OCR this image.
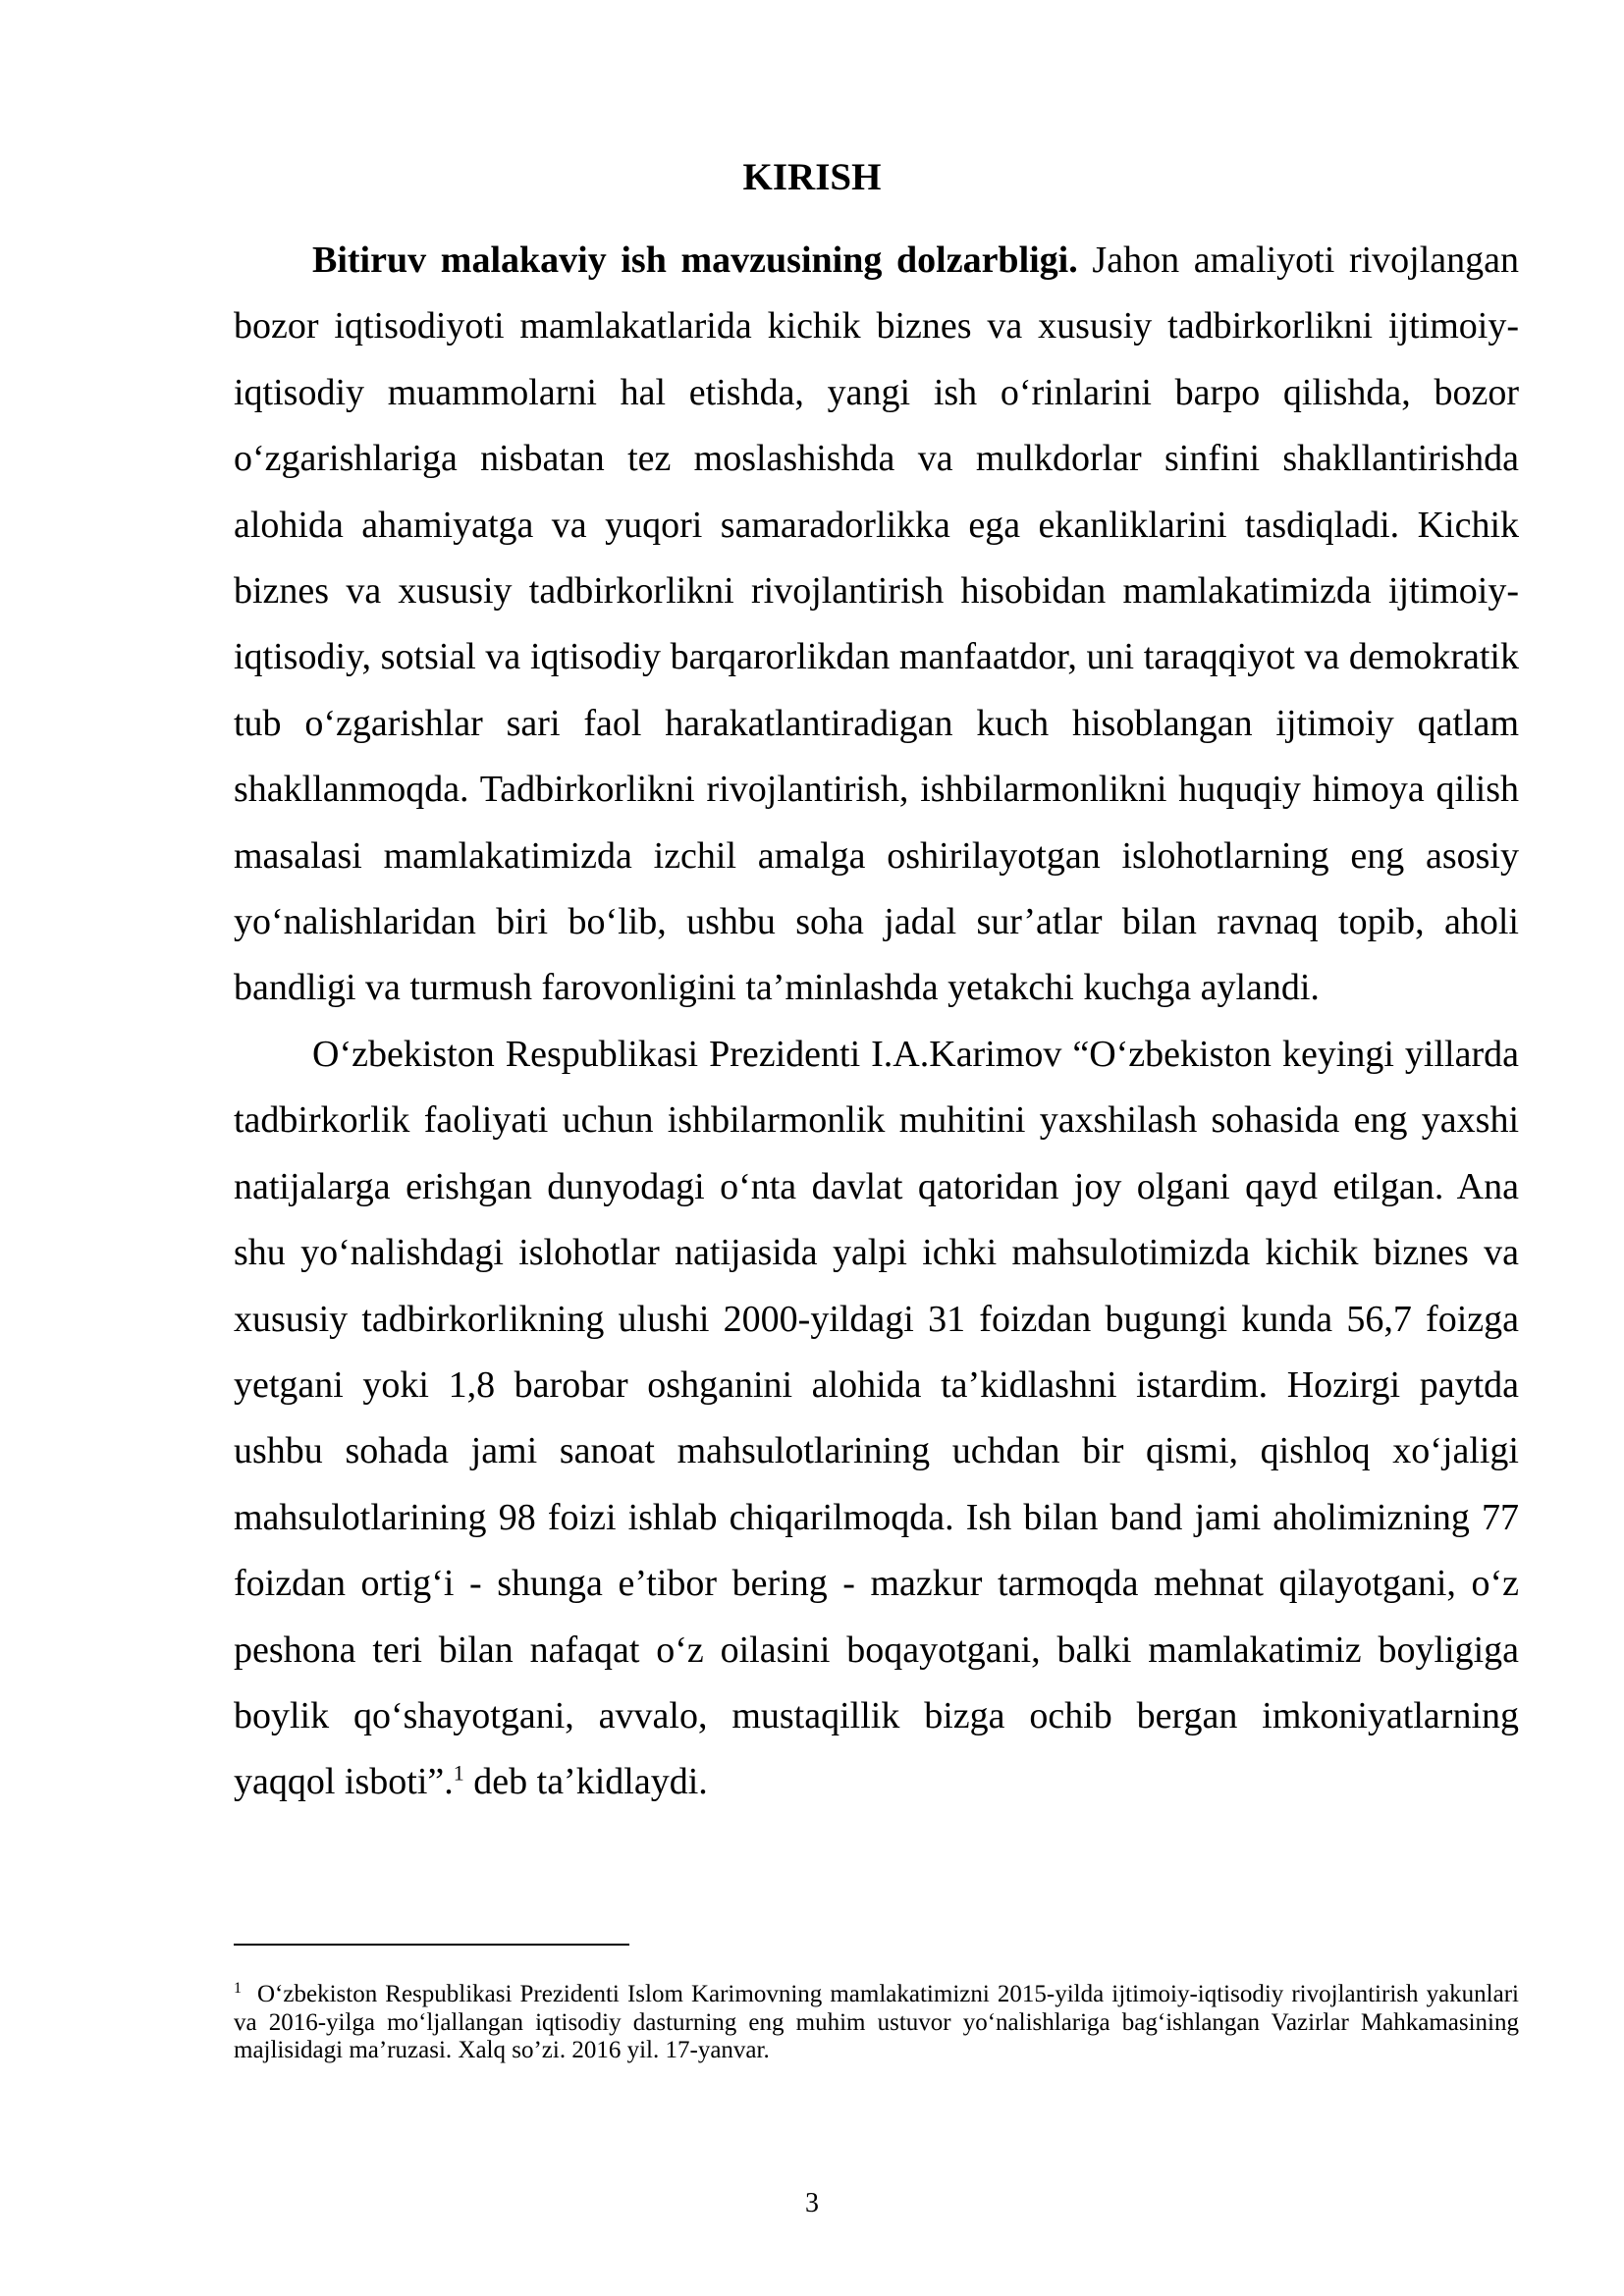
KIRISH

Bitiruv malakaviy ish mavzusining dolzarbligi. Jahon amaliyoti rivojlangan bozor iqtisodiyoti mamlakatlarida kichik biznes va xususiy tadbirkorlikni ijtimoiy-iqtisodiy muammolarni hal etishda, yangi ish o‘rinlarini barpo qilishda, bozor o‘zgarishlariga nisbatan tez moslashishda va mulkdorlar sinfini shakllantirishda alohida ahamiyatga va yuqori samaradorlikka ega ekanliklarini tasdiqladi. Kichik biznes va xususiy tadbirkorlikni rivojlantirish hisobidan mamlakatimizda ijtimoiy-iqtisodiy, sotsial va iqtisodiy barqarorlikdan manfaatdor, uni taraqqiyot va demokratik tub o‘zgarishlar sari faol harakatlantiradigan kuch hisoblangan ijtimoiy qatlam shakllanmoqda. Tadbirkorlikni rivojlantirish, ishbilarmonlikni huquqiy himoya qilish masalasi mamlakatimizda izchil amalga oshirilayotgan islohotlarning eng asosiy yo‘nalishlaridan biri bo‘lib, ushbu soha jadal sur’atlar bilan ravnaq topib, aholi bandligi va turmush farovonligini ta’minlashda yetakchi kuchga aylandi.

O‘zbekiston Respublikasi Prezidenti I.A.Karimov “O‘zbekiston keyingi yillarda tadbirkorlik faoliyati uchun ishbilarmonlik muhitini yaxshilash sohasida eng yaxshi natijalarga erishgan dunyodagi o‘nta davlat qatoridan joy olgani qayd etilgan. Ana shu yo‘nalishdagi islohotlar natijasida yalpi ichki mahsulotimizda kichik biznes va xususiy tadbirkorlikning ulushi 2000-yildagi 31 foizdan bugungi kunda 56,7 foizga yetgani yoki 1,8 barobar oshganini alohida ta’kidlashni istardim. Hozirgi paytda ushbu sohada jami sanoat mahsulotlarining uchdan bir qismi, qishloq xo‘jaligi mahsulotlarining 98 foizi ishlab chiqarilmoqda. Ish bilan band jami aholimizning 77 foizdan ortig‘i - shunga e’tibor bering - mazkur tarmoqda mehnat qilayotgani, o‘z peshona teri bilan nafaqat o‘z oilasini boqayotgani, balki mamlakatimiz boyligiga boylik qo‘shayotgani, avvalo, mustaqillik bizga ochib bergan imkoniyatlarning yaqqol isboti”.$^1$ deb ta’kidlaydi.

$^1$ O‘zbekiston Respublikasi Prezidenti Islom Karimovning mamlakatimizni 2015-yilda ijtimoiy-iqtisodiy rivojlantirish yakunlari va 2016-yilga mo‘ljallangan iqtisodiy dasturning eng muhim ustuvor yo‘nalishlariga bag‘ishlangan Vazirlar Mahkamasining majlisidagi ma’ruzasi. Xalq so’zi. 2016 yil. 17-yanvar.

3
